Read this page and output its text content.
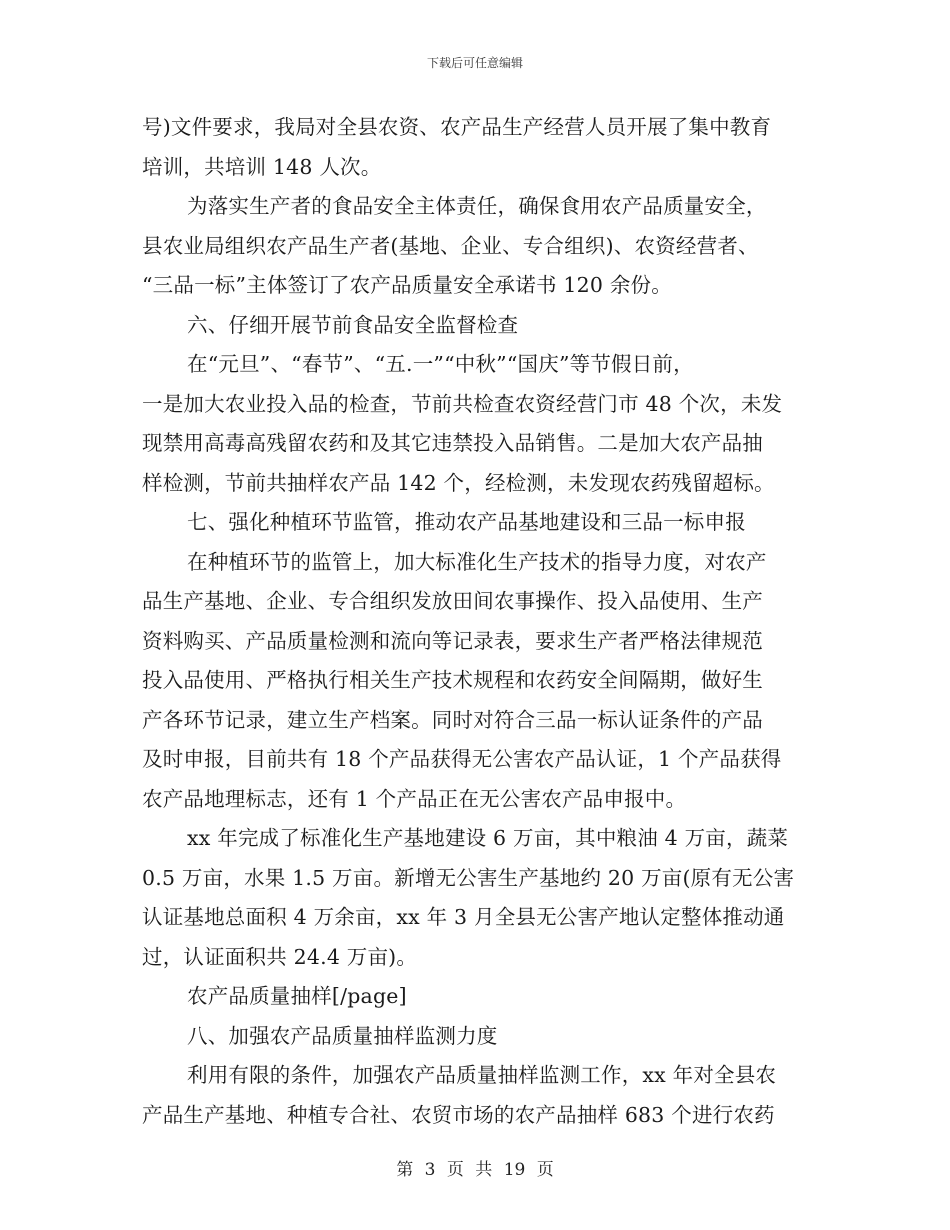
下载后可任意编辑
号)文件要求，我局对全县农资、农产品生产经营人员开展了集中教育
培训，共培训 148 人次。
为落实生产者的食品安全主体责任，确保食用农产品质量安全，
县农业局组织农产品生产者(基地、企业、专合组织)、农资经营者、
“三品一标”主体签订了农产品质量安全承诺书 120 余份。
六、仔细开展节前食品安全监督检查
在“元旦”、“春节”、“五.一”“中秋”“国庆”等节假日前，
一是加大农业投入品的检查，节前共检查农资经营门市 48 个次，未发
现禁用高毒高残留农药和及其它违禁投入品销售。二是加大农产品抽
样检测，节前共抽样农产品 142 个，经检测，未发现农药残留超标。
七、强化种植环节监管，推动农产品基地建设和三品一标申报
在种植环节的监管上，加大标准化生产技术的指导力度，对农产
品生产基地、企业、专合组织发放田间农事操作、投入品使用、生产
资料购买、产品质量检测和流向等记录表，要求生产者严格法律规范
投入品使用、严格执行相关生产技术规程和农药安全间隔期，做好生
产各环节记录，建立生产档案。同时对符合三品一标认证条件的产品
及时申报，目前共有 18 个产品获得无公害农产品认证，1 个产品获得
农产品地理标志，还有 1 个产品正在无公害农产品申报中。
xx 年完成了标准化生产基地建设 6 万亩，其中粮油 4 万亩，蔬菜
0.5 万亩，水果 1.5 万亩。新增无公害生产基地约 20 万亩(原有无公害
认证基地总面积 4 万余亩，xx 年 3 月全县无公害产地认定整体推动通
过，认证面积共 24.4 万亩)。
农产品质量抽样[/page]
八、加强农产品质量抽样监测力度
利用有限的条件，加强农产品质量抽样监测工作，xx 年对全县农
产品生产基地、种植专合社、农贸市场的农产品抽样 683 个进行农药
第 3 页 共 19 页
